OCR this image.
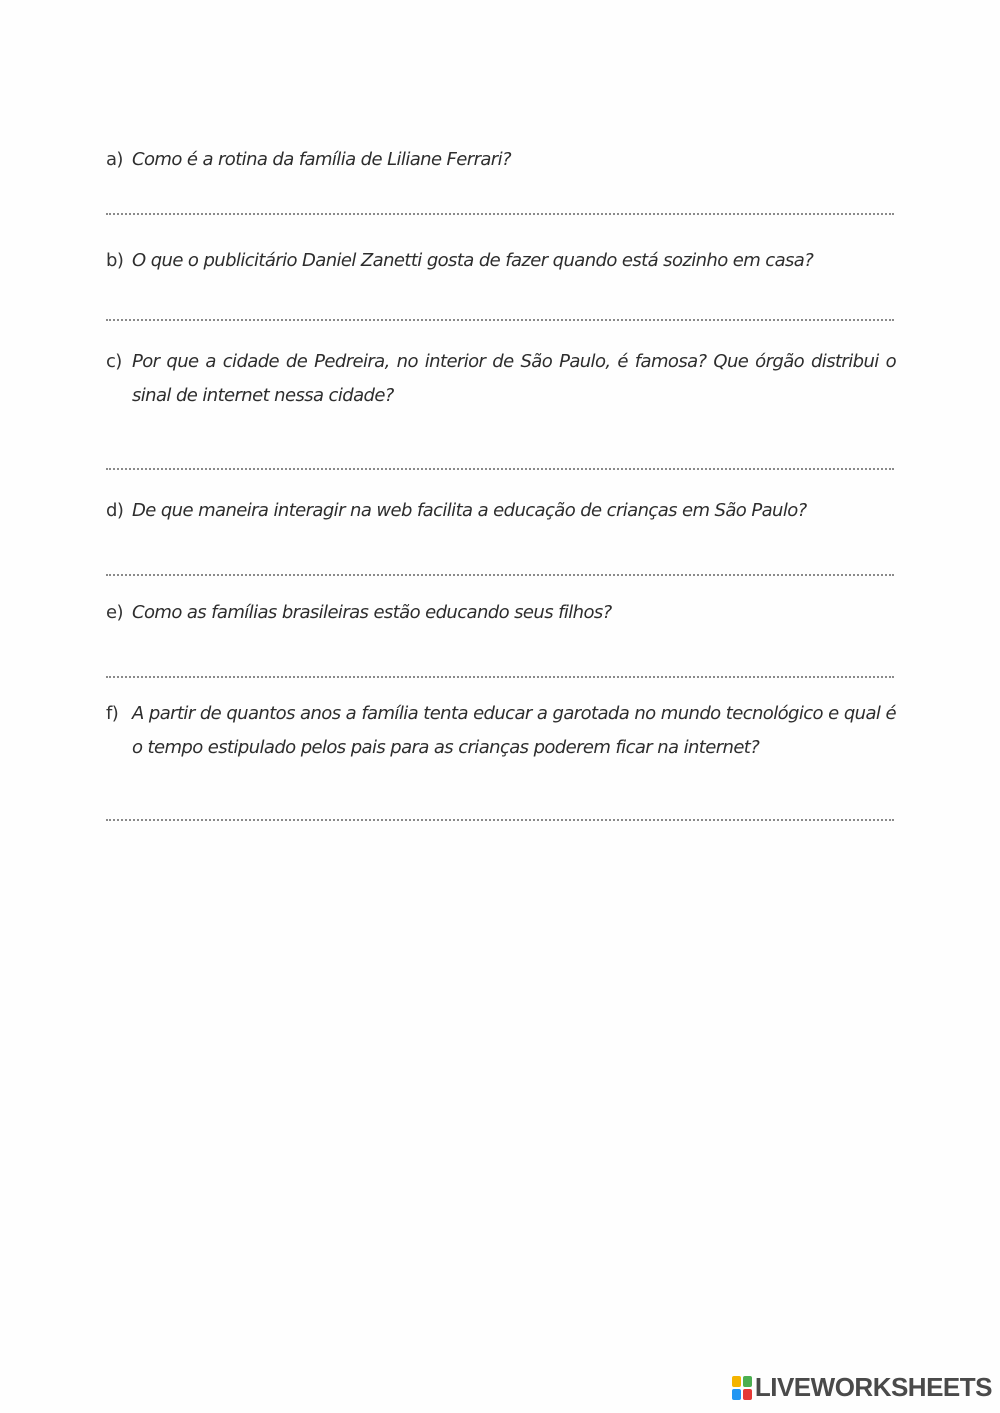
a) Como é a rotina da família de Liliane Ferrari?
b) O que o publicitário Daniel Zanetti gosta de fazer quando está sozinho em casa?
c) Por que a cidade de Pedreira, no interior de São Paulo, é famosa? Que órgão distribui o sinal de internet nessa cidade?
d) De que maneira interagir na web facilita a educação de crianças em São Paulo?
e) Como as famílias brasileiras estão educando seus filhos?
f) A partir de quantos anos a família tenta educar a garotada no mundo tecnológico e qual é o tempo estipulado pelos pais para as crianças poderem ficar na internet?
LIVEWORKSHEETS
